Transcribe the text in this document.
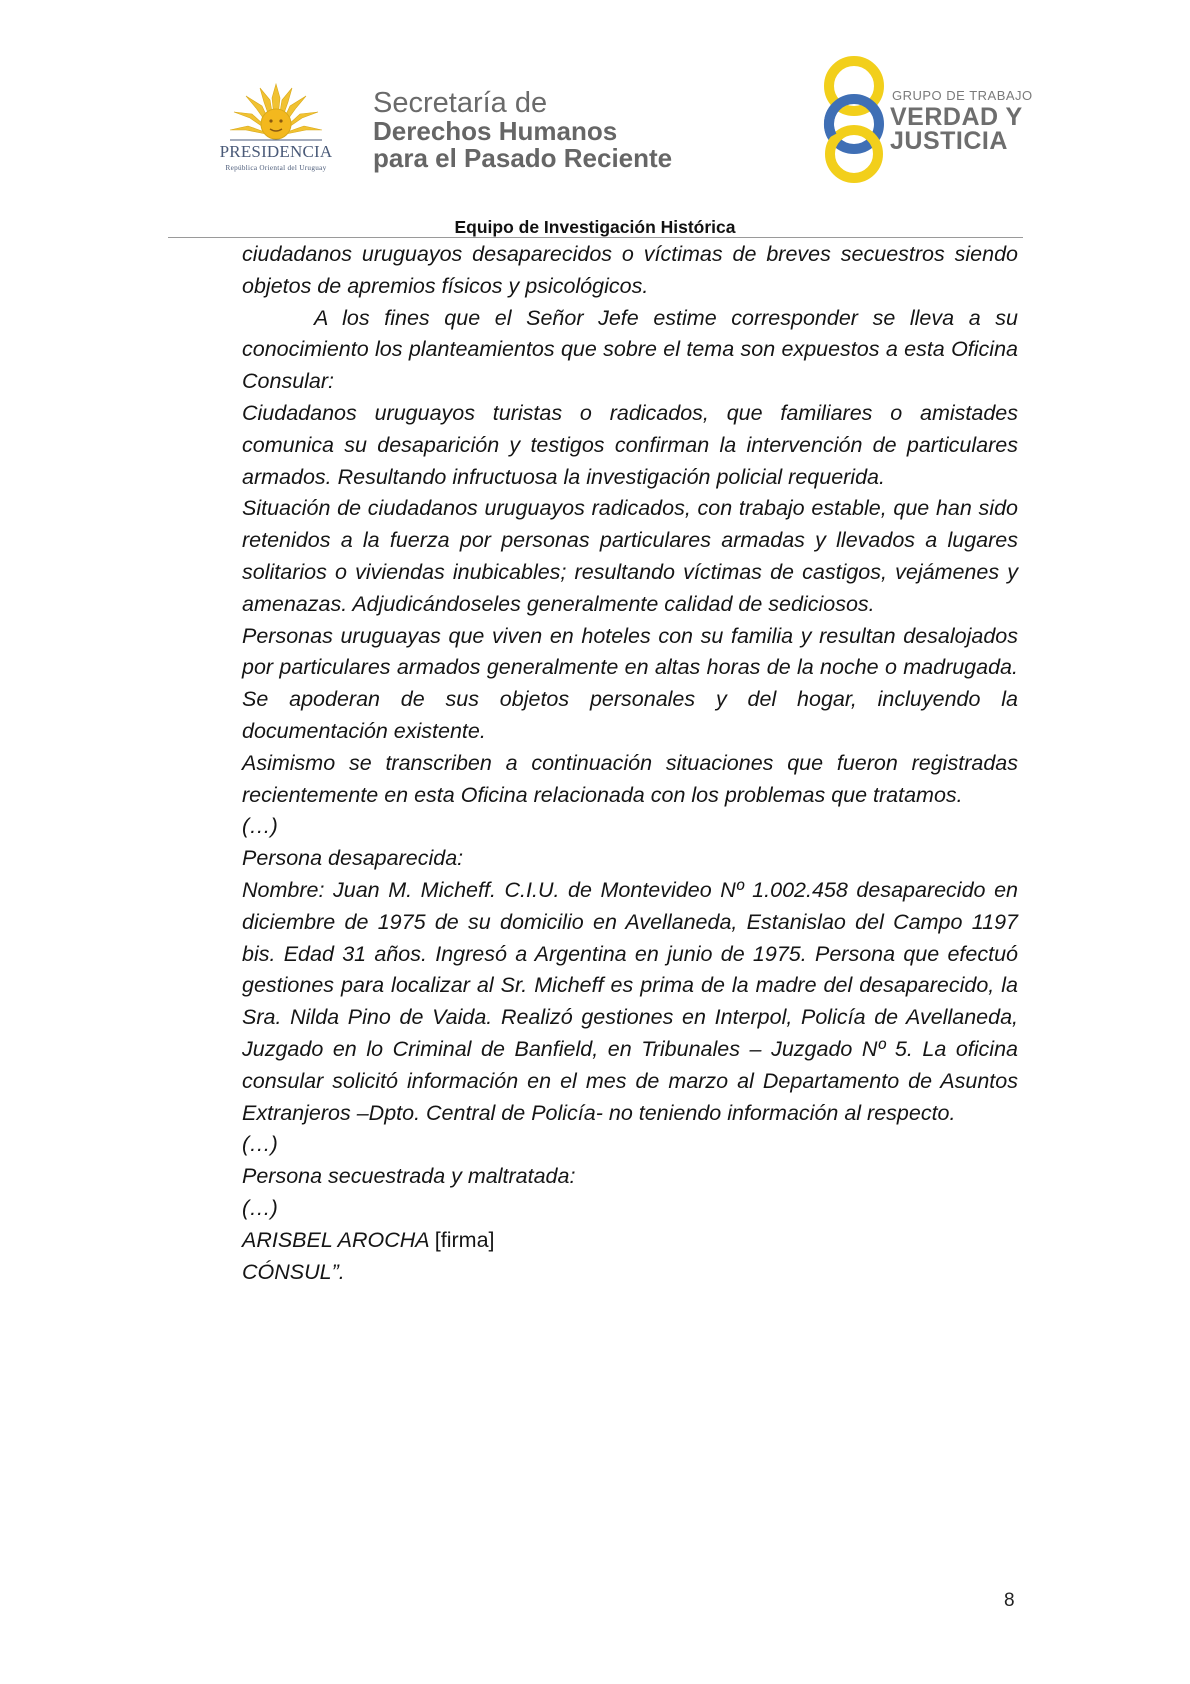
PRESIDENCIA
República Oriental del Uruguay
Secretaría de
Derechos Humanos
para el Pasado Reciente
GRUPO DE TRABAJO
VERDAD Y
JUSTICIA
Equipo de Investigación Histórica

ciudadanos uruguayos desaparecidos o víctimas de breves secuestros siendo objetos de apremios físicos y psicológicos.

A los fines que el Señor Jefe estime corresponder se lleva a su conocimiento los planteamientos que sobre el tema son expuestos a esta Oficina Consular:

Ciudadanos uruguayos turistas o radicados, que familiares o amistades comunica su desaparición y testigos confirman la intervención de particulares armados. Resultando infructuosa la investigación policial requerida.

Situación de ciudadanos uruguayos radicados, con trabajo estable, que han sido retenidos a la fuerza por personas particulares armadas y llevados a lugares solitarios o viviendas inubicables; resultando víctimas de castigos, vejámenes y amenazas. Adjudicándoseles generalmente calidad de sediciosos.

Personas uruguayas que viven en hoteles con su familia y resultan desalojados por particulares armados generalmente en altas horas de la noche o madrugada. Se apoderan de sus objetos personales y del hogar, incluyendo la documentación existente.

Asimismo se transcriben a continuación situaciones que fueron registradas recientemente en esta Oficina relacionada con los problemas que tratamos.

(…)

Persona desaparecida:

Nombre: Juan M. Micheff. C.I.U. de Montevideo Nº 1.002.458 desaparecido en diciembre de 1975 de su domicilio en Avellaneda, Estanislao del Campo 1197 bis. Edad 31 años. Ingresó a Argentina en junio de 1975. Persona que efectuó gestiones para localizar al Sr. Micheff es prima de la madre del desaparecido, la Sra. Nilda Pino de Vaida. Realizó gestiones en Interpol, Policía de Avellaneda, Juzgado en lo Criminal de Banfield, en Tribunales – Juzgado Nº 5. La oficina consular solicitó información en el mes de marzo al Departamento de Asuntos Extranjeros –Dpto. Central de Policía- no teniendo información al respecto.

(…)

Persona secuestrada y maltratada:

(…)

ARISBEL AROCHA [firma]

CÓNSUL”.

8
